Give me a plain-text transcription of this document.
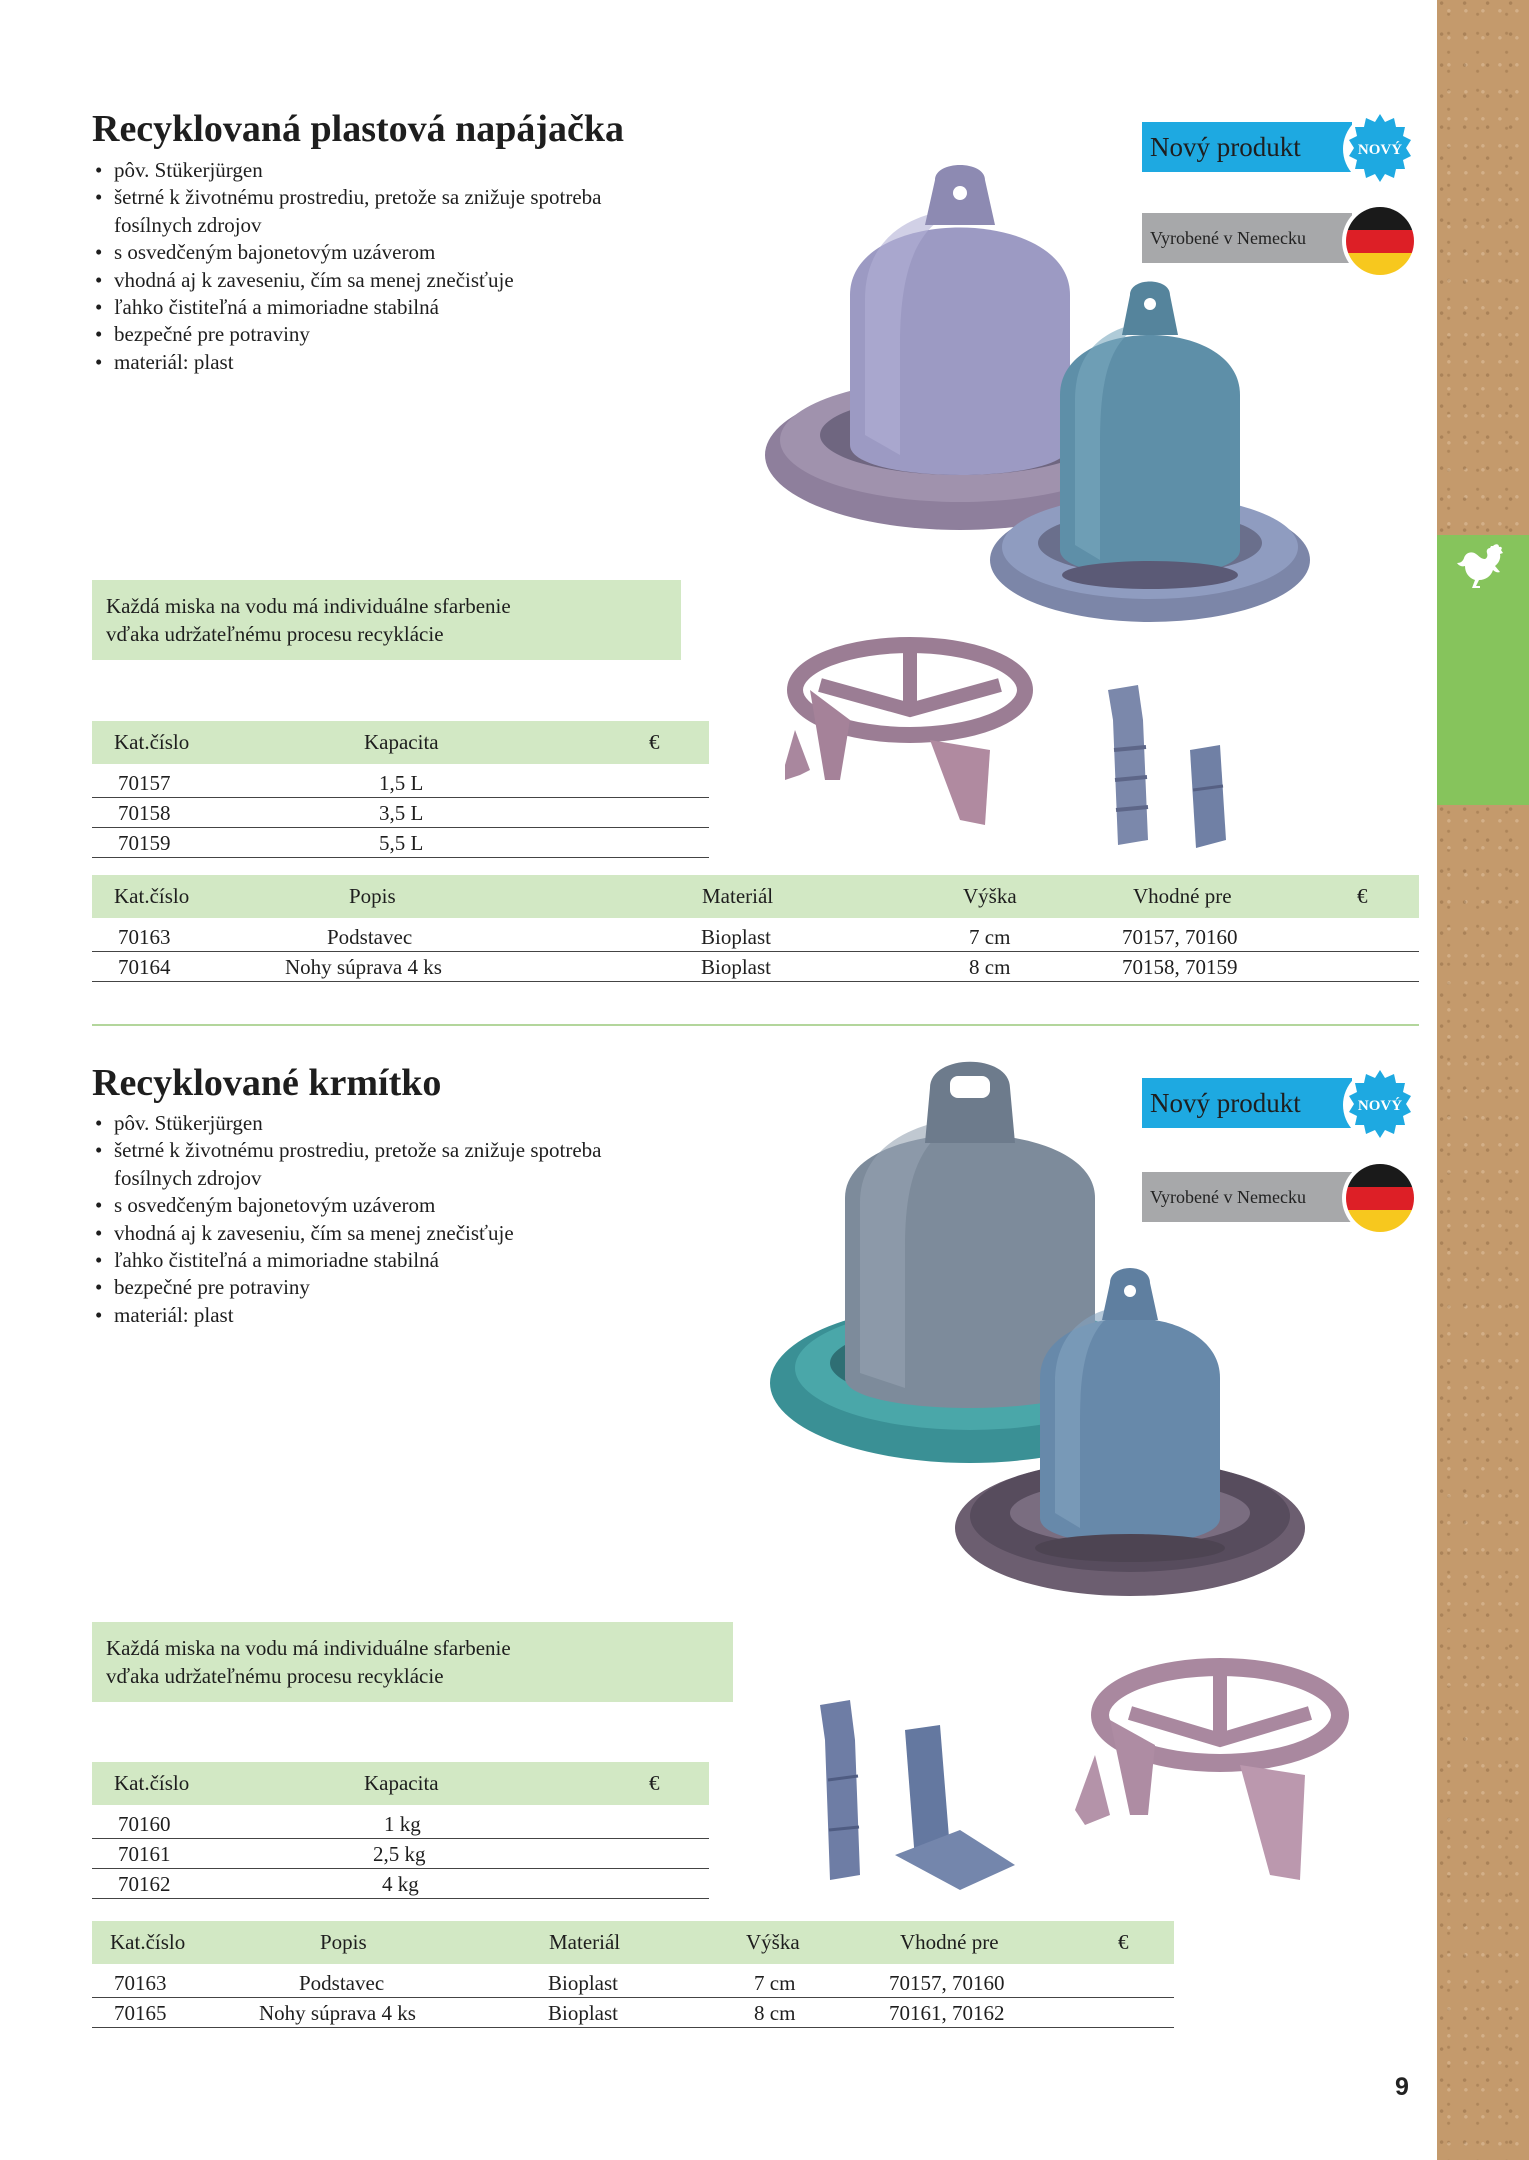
9
Recyklovaná plastová napájačka
• pôv. Stükerjürgen
• šetrné k životnému prostrediu, pretože sa znižuje spotreba
fosílnych zdrojov
• s osvedčeným bajonetovým uzáverom
• vhodná aj k zaveseniu, čím sa menej znečisťuje
• ľahko čistiteľná a mimoriadne stabilná
• bezpečné pre potraviny
• materiál: plast
Nový produkt	NOVÝ
Vyrobené v Nemecku
Každá miska na vodu má individuálne sfarbenie
vďaka udržateľnému procesu recyklácie
Kat.číslo	Kapacita	€
70157	1,5 L
70158	3,5 L
70159	5,5 L
Kat.číslo	Popis	Materiál	Výška	Vhodné pre	€
70163	Podstavec	Bioplast	7 cm	70157, 70160
70164	Nohy súprava 4 ks	Bioplast	8 cm	70158, 70159
Recyklované krmítko
• pôv. Stükerjürgen
• šetrné k životnému prostrediu, pretože sa znižuje spotreba
fosílnych zdrojov
• s osvedčeným bajonetovým uzáverom
• vhodná aj k zaveseniu, čím sa menej znečisťuje
• ľahko čistiteľná a mimoriadne stabilná
• bezpečné pre potraviny
• materiál: plast
Nový produkt	NOVÝ
Vyrobené v Nemecku
Každá miska na vodu má individuálne sfarbenie
vďaka udržateľnému procesu recyklácie
Kat.číslo	Kapacita	€
70160	1 kg
70161	2,5 kg
70162	4 kg
Kat.číslo	Popis	Materiál	Výška	Vhodné pre	€
70163	Podstavec	Bioplast	7 cm	70157, 70160
70165	Nohy súprava 4 ks	Bioplast	8 cm	70161, 70162
